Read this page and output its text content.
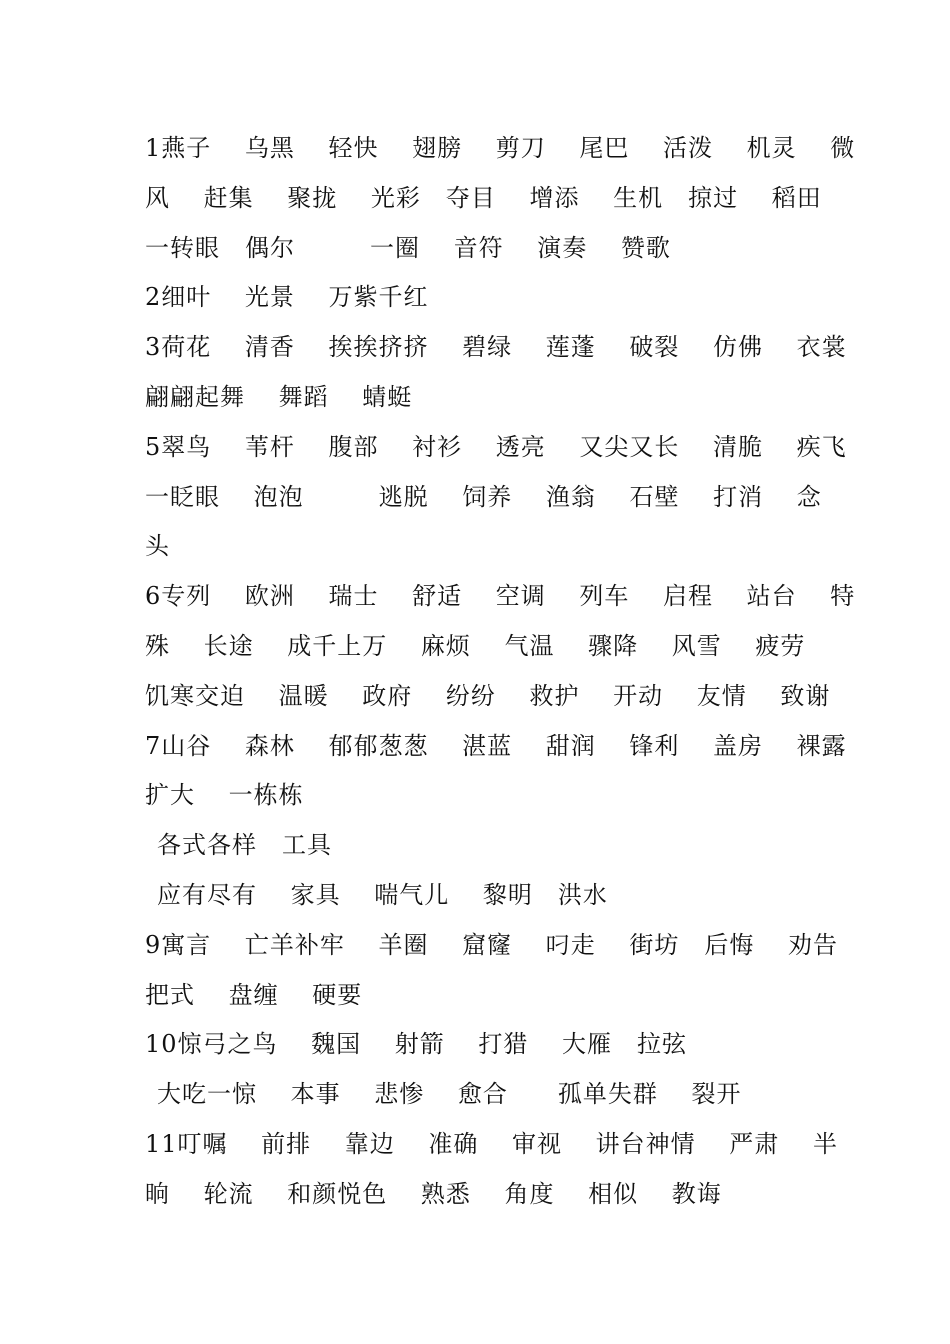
1燕子　 乌黑　 轻快　 翅膀　 剪刀　 尾巴　 活泼　 机灵　 微
风　 赶集　 聚拢　 光彩　夺目　 增添　 生机　掠过　 稻田
一转眼　偶尔　　　一圈　 音符　 演奏　 赞歌
2细叶　 光景　 万紫千红
3荷花　 清香　 挨挨挤挤　 碧绿　 莲蓬　 破裂　 仿佛　 衣裳
翩翩起舞　 舞蹈　 蜻蜓
5翠鸟　 苇杆　 腹部　 衬衫　 透亮　 又尖又长　 清脆　 疾飞
一眨眼　 泡泡　　　逃脱　 饲养　 渔翁　 石壁　 打消　 念
头
6专列　 欧洲　 瑞士　 舒适　 空调　 列车　 启程　 站台　 特
殊　 长途　 成千上万　 麻烦　 气温　 骤降　 风雪　 疲劳
饥寒交迫　 温暖　 政府　 纷纷　 救护　 开动　 友情　 致谢
7山谷　 森林　 郁郁葱葱　 湛蓝　 甜润　 锋利　 盖房　 裸露
扩大　 一栋栋
各式各样　工具
应有尽有　 家具　 喘气儿　 黎明　洪水
9寓言　 亡羊补牢　 羊圈　 窟窿　 叼走　 街坊　后悔　 劝告
把式　 盘缠　 硬要
10惊弓之鸟　 魏国　 射箭　 打猎　 大雁　拉弦
大吃一惊　 本事　 悲惨　 愈合　　孤单失群　 裂开
11叮嘱　 前排　 靠边　 准确　 审视　 讲台神情　 严肃　 半
晌　 轮流　 和颜悦色　 熟悉　 角度　 相似　 教诲
